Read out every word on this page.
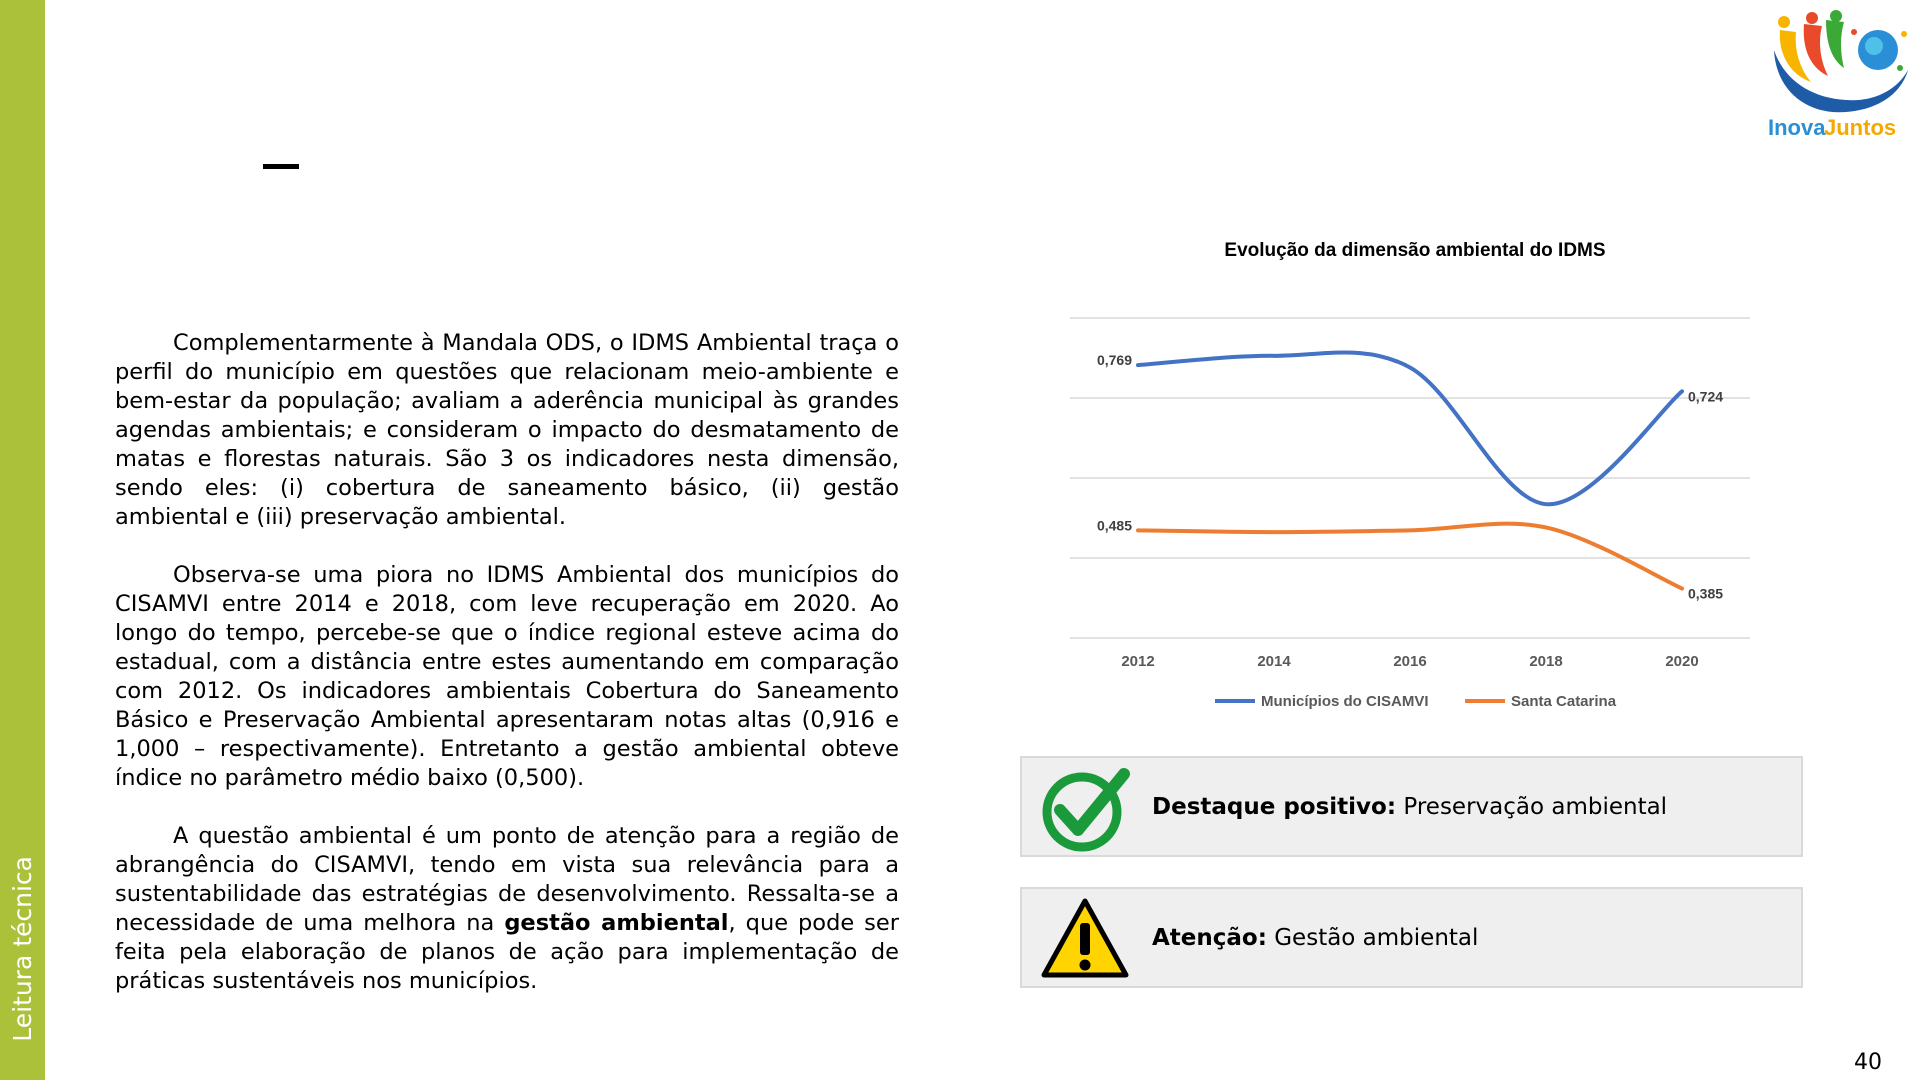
Leitura técnica
Inova
Juntos

Complementarmente à Mandala ODS, o IDMS Ambiental traça o perfil do município em questões que relacionam meio-ambiente e bem-estar da população; avaliam a aderência municipal às grandes agendas ambientais; e consideram o impacto do desmatamento de matas e florestas naturais. São 3 os indicadores nesta dimensão, sendo eles: (i) cobertura de saneamento básico, (ii) gestão ambiental e (iii) preservação ambiental.

Observa-se uma piora no IDMS Ambiental dos municípios do CISAMVI entre 2014 e 2018, com leve recuperação em 2020. Ao longo do tempo, percebe-se que o índice regional esteve acima do estadual, com a distância entre estes aumentando em comparação com 2012. Os indicadores ambientais Cobertura do Saneamento Básico e Preservação Ambiental apresentaram notas altas (0,916 e 1,000 – respectivamente). Entretanto a gestão ambiental obteve índice no parâmetro médio baixo (0,500).

A questão ambiental é um ponto de atenção para a região de abrangência do CISAMVI, tendo em vista sua relevância para a sustentabilidade das estratégias de desenvolvimento. Ressalta-se a necessidade de uma melhora na gestão ambiental, que pode ser feita pela elaboração de planos de ação para implementação de práticas sustentáveis nos municípios.

Evolução da dimensão ambiental do IDMS
2012	2014	2016	2018	2020
0,769
0,724
0,485
0,385
Municípios do CISAMVI	Santa Catarina
Destaque positivo: Preservação ambiental
Atenção: Gestão ambiental
40
